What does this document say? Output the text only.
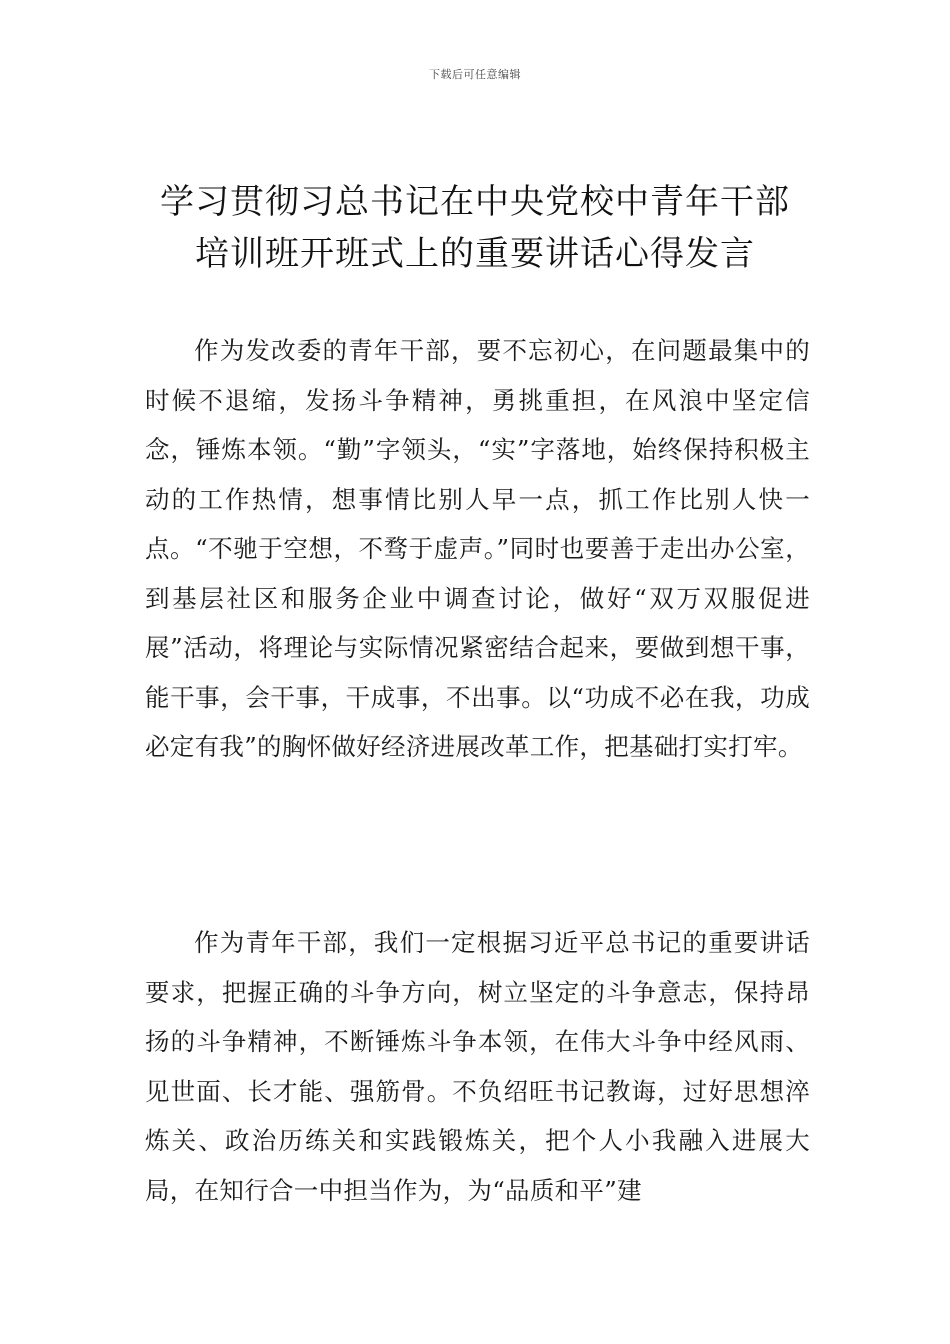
下载后可任意编辑
学习贯彻习总书记在中央党校中青年干部
培训班开班式上的重要讲话心得发言

作为发改委的青年干部，要不忘初心，在问题最集中的时候不退缩，发扬斗争精神，勇挑重担，在风浪中坚定信念，锤炼本领。“勤”字领头，“实”字落地，始终保持积极主动的工作热情，想事情比别人早一点，抓工作比别人快一点。“不驰于空想，不骛于虚声。”同时也要善于走出办公室，到基层社区和服务企业中调查讨论，做好“双万双服促进展”活动，将理论与实际情况紧密结合起来，要做到想干事，能干事，会干事，干成事，不出事。以“功成不必在我，功成必定有我”的胸怀做好经济进展改革工作，把基础打实打牢。

作为青年干部，我们一定根据习近平总书记的重要讲话要求，把握正确的斗争方向，树立坚定的斗争意志，保持昂扬的斗争精神，不断锤炼斗争本领，在伟大斗争中经风雨、见世面、长才能、强筋骨。不负绍旺书记教诲，过好思想淬炼关、政治历练关和实践锻炼关，把个人小我融入进展大局，在知行合一中担当作为，为“品质和平”建
